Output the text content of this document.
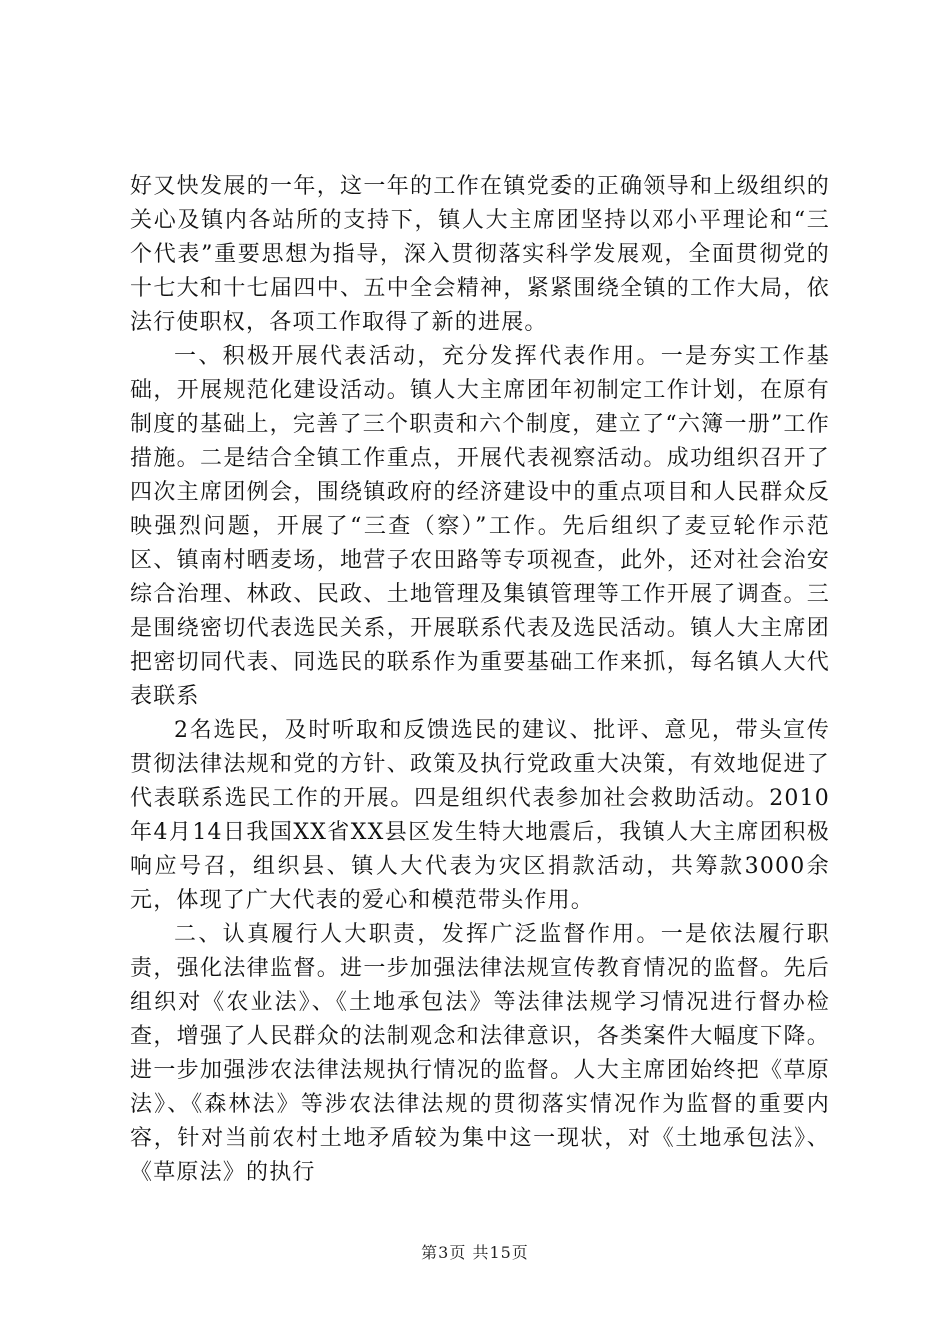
好又快发展的一年，这一年的工作在镇党委的正确领导和上级组织的关心及镇内各站所的支持下，镇人大主席团坚持以邓小平理论和“三个代表”重要思想为指导，深入贯彻落实科学发展观，全面贯彻党的十七大和十七届四中、五中全会精神，紧紧围绕全镇的工作大局，依法行使职权，各项工作取得了新的进展。

一、积极开展代表活动，充分发挥代表作用。一是夯实工作基础，开展规范化建设活动。镇人大主席团年初制定工作计划，在原有制度的基础上，完善了三个职责和六个制度，建立了“六簿一册”工作措施。二是结合全镇工作重点，开展代表视察活动。成功组织召开了四次主席团例会，围绕镇政府的经济建设中的重点项目和人民群众反映强烈问题，开展了“三查（察）”工作。先后组织了麦豆轮作示范区、镇南村晒麦场，地营子农田路等专项视查，此外，还对社会治安综合治理、林政、民政、土地管理及集镇管理等工作开展了调查。三是围绕密切代表选民关系，开展联系代表及选民活动。镇人大主席团把密切同代表、同选民的联系作为重要基础工作来抓，每名镇人大代表联系

2名选民，及时听取和反馈选民的建议、批评、意见，带头宣传贯彻法律法规和党的方针、政策及执行党政重大决策，有效地促进了代表联系选民工作的开展。四是组织代表参加社会救助活动。2010年4月14日我国XX省XX县区发生特大地震后，我镇人大主席团积极响应号召，组织县、镇人大代表为灾区捐款活动，共筹款3000余元，体现了广大代表的爱心和模范带头作用。

二、认真履行人大职责，发挥广泛监督作用。一是依法履行职责，强化法律监督。进一步加强法律法规宣传教育情况的监督。先后组织对《农业法》、《土地承包法》等法律法规学习情况进行督办检查，增强了人民群众的法制观念和法律意识，各类案件大幅度下降。进一步加强涉农法律法规执行情况的监督。人大主席团始终把《草原法》、《森林法》等涉农法律法规的贯彻落实情况作为监督的重要内容，针对当前农村土地矛盾较为集中这一现状，对《土地承包法》、《草原法》的执行

第3页 共15页
